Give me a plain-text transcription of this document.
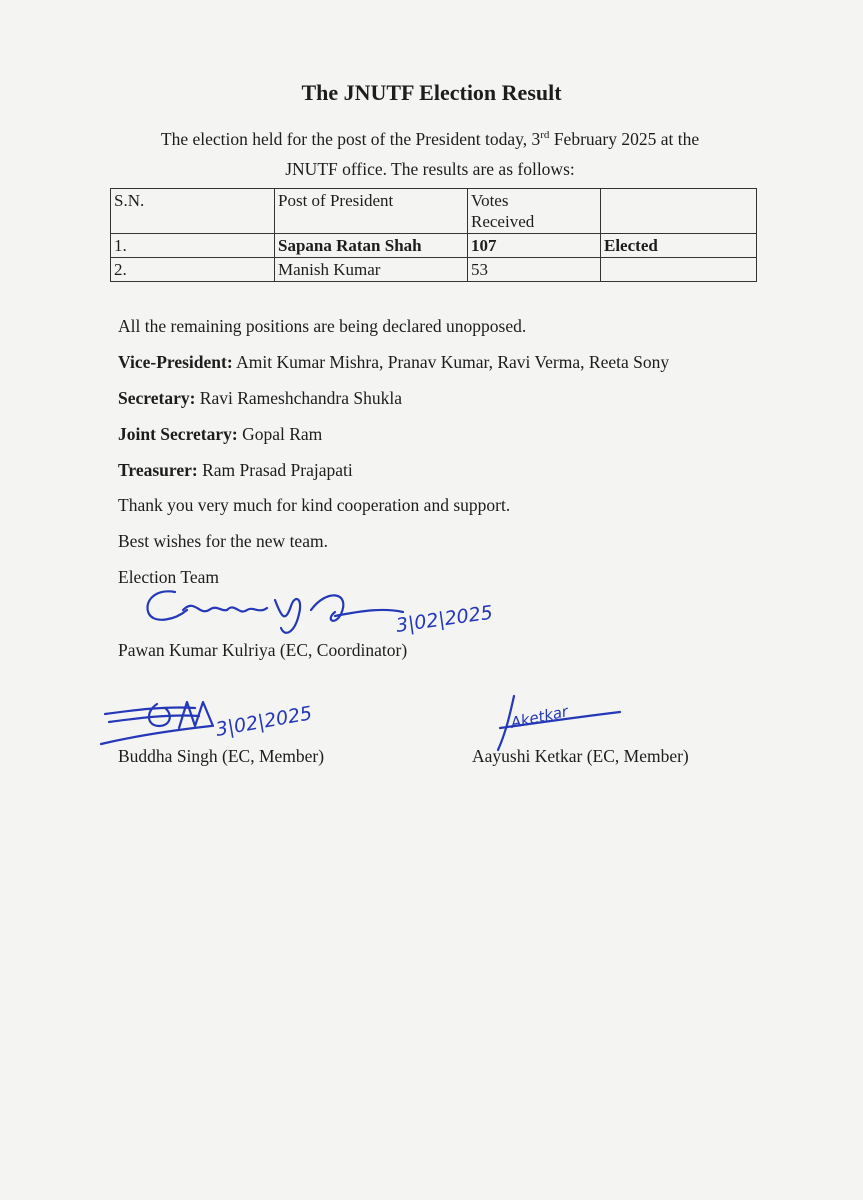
The JNUTF Election Result
The election held for the post of the President today, 3rd February 2025 at the
JNUTF office. The results are as follows:
S.N.	Post of President	Votes
Received	
1.	Sapana Ratan Shah	107	Elected
2.	Manish Kumar	53	
All the remaining positions are being declared unopposed.
Vice-President: Amit Kumar Mishra, Pranav Kumar, Ravi Verma, Reeta Sony
Secretary: Ravi Rameshchandra Shukla
Joint Secretary: Gopal Ram
Treasurer: Ram Prasad Prajapati
Thank you very much for kind cooperation and support.
Best wishes for the new team.
Election Team
3|02|2025
Pawan Kumar Kulriya (EC, Coordinator)
3|02|2025
Buddha Singh (EC, Member)
Aketkar
Aayushi Ketkar (EC, Member)
